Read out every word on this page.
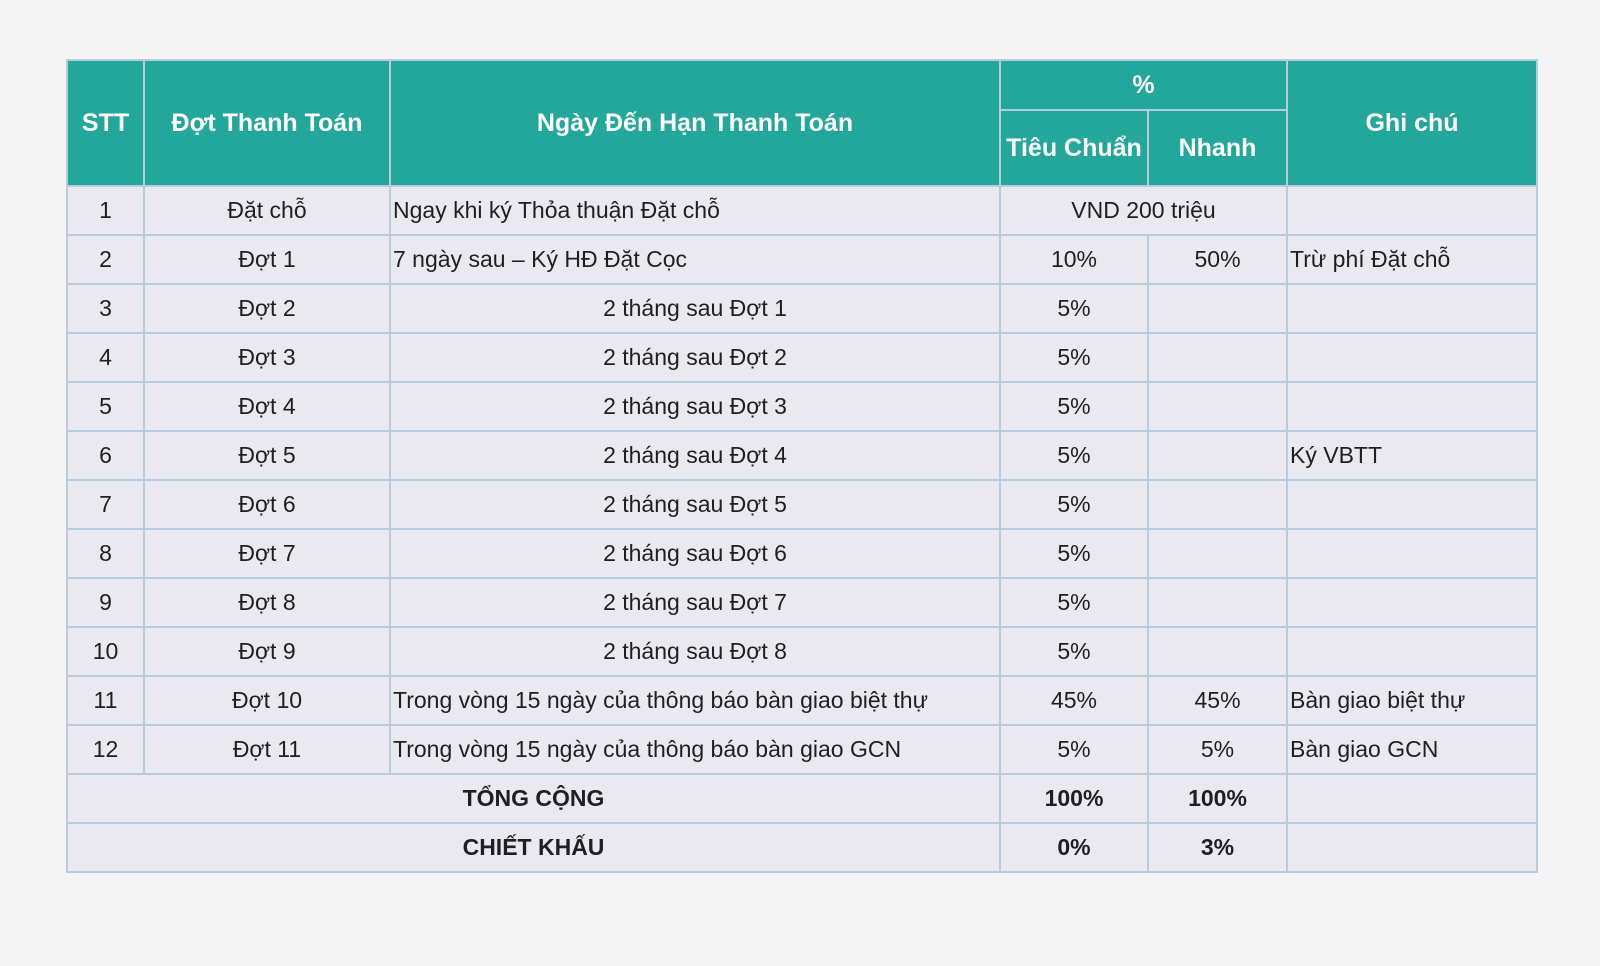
STT	Đợt Thanh Toán	Ngày Đến Hạn Thanh Toán	%		Ghi chú
			Tiêu Chuẩn	Nhanh	
1	Đặt chỗ	Ngay khi ký Thỏa thuận Đặt chỗ	VND 200 triệu		
2	Đợt 1	7 ngày sau – Ký HĐ Đặt Cọc	10%	50%	Trừ phí Đặt chỗ
3	Đợt 2	2 tháng sau Đợt 1	5%		
4	Đợt 3	2 tháng sau Đợt 2	5%		
5	Đợt 4	2 tháng sau Đợt 3	5%		
6	Đợt 5	2 tháng sau Đợt 4	5%		Ký VBTT
7	Đợt 6	2 tháng sau Đợt 5	5%		
8	Đợt 7	2 tháng sau Đợt 6	5%		
9	Đợt 8	2 tháng sau Đợt 7	5%		
10	Đợt 9	2 tháng sau Đợt 8	5%		
11	Đợt 10	Trong vòng 15 ngày của thông báo bàn giao biệt thự	45%	45%	Bàn giao biệt thự
12	Đợt 11	Trong vòng 15 ngày của thông báo bàn giao GCN	5%	5%	Bàn giao GCN
TỔNG CỘNG			100%	100%	
CHIẾT KHẤU			0%	3%	
